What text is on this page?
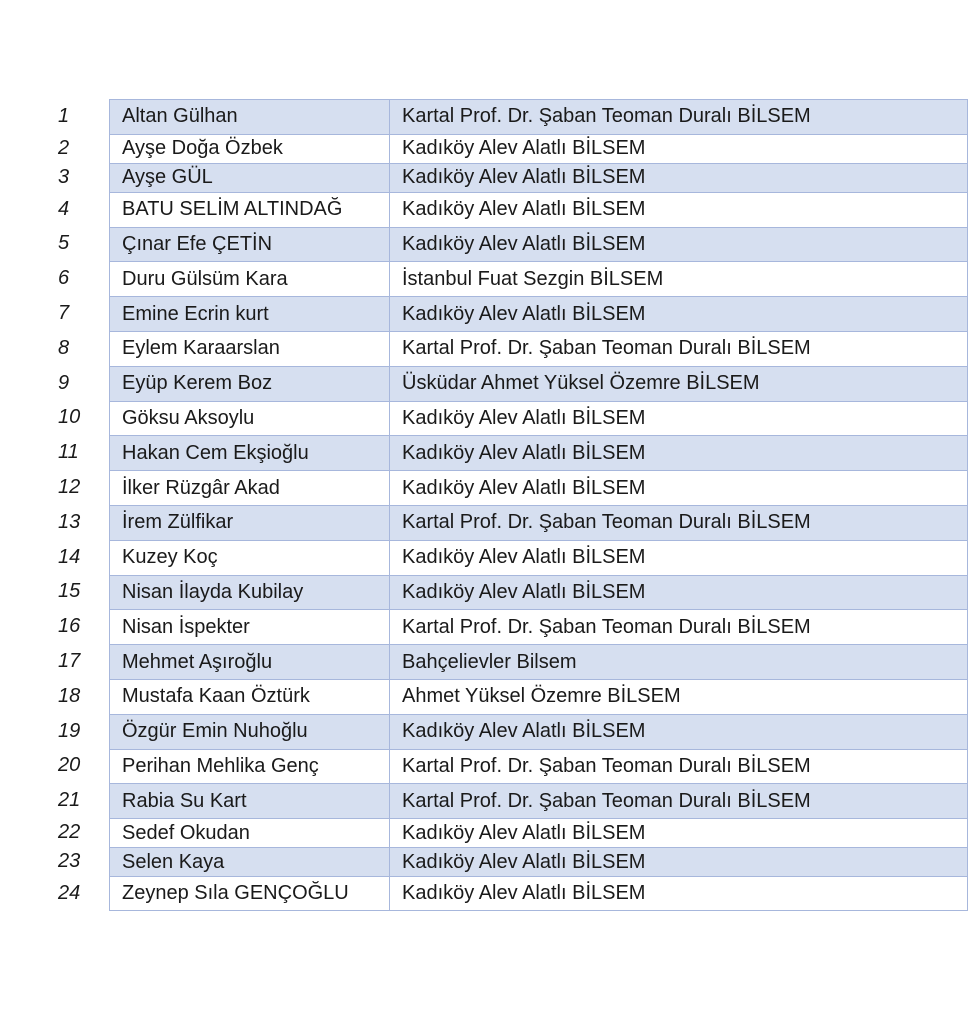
1	Altan Gülhan	Kartal Prof. Dr. Şaban Teoman Duralı BİLSEM
2	Ayşe Doğa Özbek	Kadıköy Alev Alatlı BİLSEM
3	Ayşe GÜL	Kadıköy Alev Alatlı BİLSEM
4	BATU SELİM ALTINDAĞ	Kadıköy Alev Alatlı BİLSEM
5	Çınar Efe ÇETİN	Kadıköy Alev Alatlı BİLSEM
6	Duru Gülsüm Kara	İstanbul Fuat Sezgin BİLSEM
7	Emine Ecrin kurt	Kadıköy Alev Alatlı BİLSEM
8	Eylem Karaarslan	Kartal Prof. Dr. Şaban Teoman Duralı BİLSEM
9	Eyüp Kerem Boz	Üsküdar Ahmet Yüksel Özemre BİLSEM
10	Göksu Aksoylu	Kadıköy Alev Alatlı BİLSEM
11	Hakan Cem Ekşioğlu	Kadıköy Alev Alatlı BİLSEM
12	İlker Rüzgâr Akad	Kadıköy Alev Alatlı BİLSEM
13	İrem Zülfikar	Kartal Prof. Dr. Şaban Teoman Duralı BİLSEM
14	Kuzey Koç	Kadıköy Alev Alatlı BİLSEM
15	Nisan İlayda Kubilay	Kadıköy Alev Alatlı BİLSEM
16	Nisan İspekter	Kartal Prof. Dr. Şaban Teoman Duralı BİLSEM
17	Mehmet Aşıroğlu	Bahçelievler Bilsem
18	Mustafa Kaan Öztürk	Ahmet Yüksel Özemre BİLSEM
19	Özgür Emin Nuhoğlu	Kadıköy Alev Alatlı BİLSEM
20	Perihan Mehlika Genç	Kartal Prof. Dr. Şaban Teoman Duralı BİLSEM
21	Rabia Su Kart	Kartal Prof. Dr. Şaban Teoman Duralı BİLSEM
22	Sedef Okudan	Kadıköy Alev Alatlı BİLSEM
23	Selen Kaya	Kadıköy Alev Alatlı BİLSEM
24	Zeynep Sıla GENÇOĞLU	Kadıköy Alev Alatlı BİLSEM
